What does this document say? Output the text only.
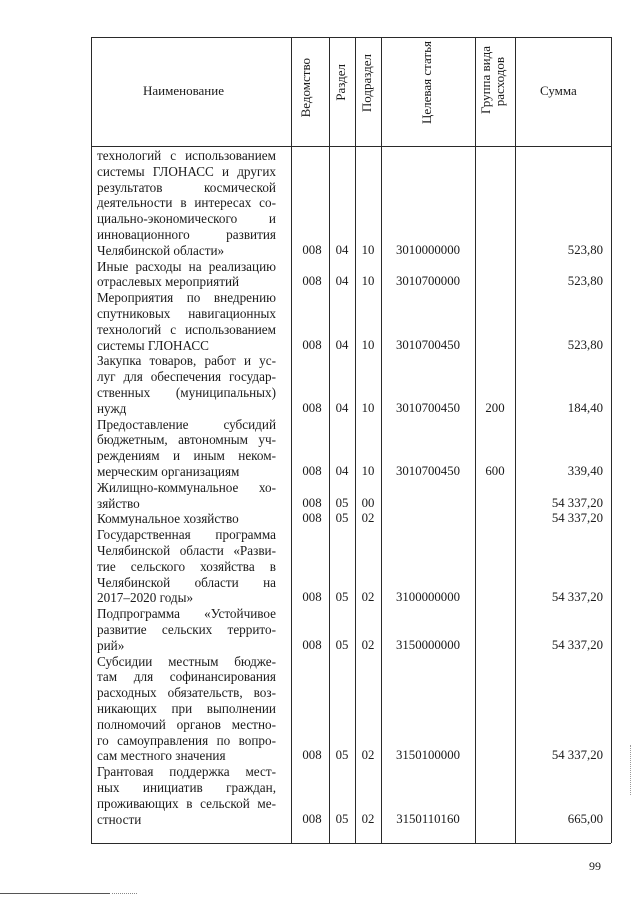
Наименование	Ведомство Раздел Подраздел	Целевая статья	Группа вида расходов	Сумма
технологий с использованием
системы ГЛОНАСС и других
результатов космической
деятельности в интересах со-
циально-экономического и
инновационного развития
Челябинской области»	008	04	10	3010000000	523,80
Иные расходы на реализацию
отраслевых мероприятий	008	04	10	3010700000	523,80
Мероприятия по внедрению
спутниковых навигационных
технологий с использованием
системы ГЛОНАСС	008	04	10	3010700450	523,80
Закупка товаров, работ и ус-
луг для обеспечения государ-
ственных (муниципальных)
нужд	008	04	10	3010700450	200	184,40
Предоставление субсидий
бюджетным, автономным уч-
реждениям и иным неком-
мерческим организациям	008	04	10	3010700450	600	339,40
Жилищно-коммунальное хо-
зяйство	008	05	00	54 337,20
Коммунальное хозяйство	008	05	02	54 337,20
Государственная программа
Челябинской области «Разви-
тие сельского хозяйства в
Челябинской области на
2017–2020 годы»	008	05	02	3100000000	54 337,20
Подпрограмма «Устойчивое
развитие сельских террито-
рий»	008	05	02	3150000000	54 337,20
Субсидии местным бюдже-
там для софинансирования
расходных обязательств, воз-
никающих при выполнении
полномочий органов местно-
го самоуправления по вопро-
сам местного значения	008	05	02	3150100000	54 337,20
Грантовая поддержка мест-
ных инициатив граждан,
проживающих в сельской ме-
стности	008	05	02	3150110160	665,00
99
